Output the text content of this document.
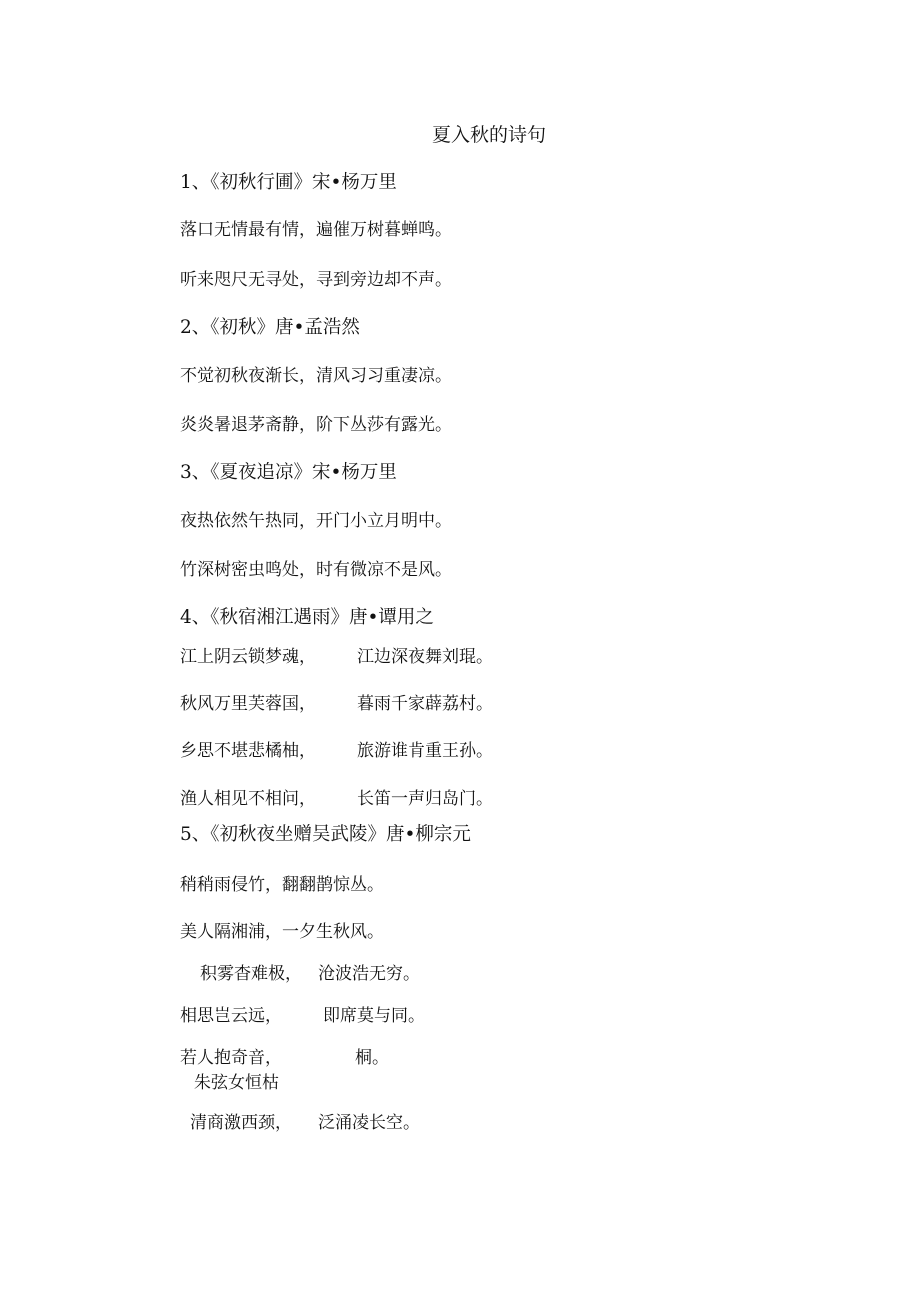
夏入秋的诗句
1、《初秋行圃》宋•杨万里
落口无情最有情，遍催万树暮蝉鸣。
听来咫尺无寻处，寻到旁边却不声。
2、《初秋》唐•孟浩然
不觉初秋夜渐长，清风习习重凄凉。
炎炎暑退茅斋静，阶下丛莎有露光。
3、《夏夜追凉》宋•杨万里
夜热依然午热同，开门小立月明中。
竹深树密虫鸣处，时有微凉不是风。
4、《秋宿湘江遇雨》唐•谭用之
江上阴云锁梦魂， 江边深夜舞刘琨。
秋风万里芙蓉国， 暮雨千家薜荔村。
乡思不堪悲橘柚， 旅游谁肯重王孙。
渔人相见不相问， 长笛一声归岛门。
5、《初秋夜坐赠吴武陵》唐•柳宗元
稍稍雨侵竹，翻翻鹊惊丛。
美人隔湘浦，一夕生秋风。
积雾杳难极， 沧波浩无穷。
相思岂云远， 即席莫与同。
若人抱奇音，	桐。
朱弦女恒枯
清商激西颈， 泛涌凌长空。
